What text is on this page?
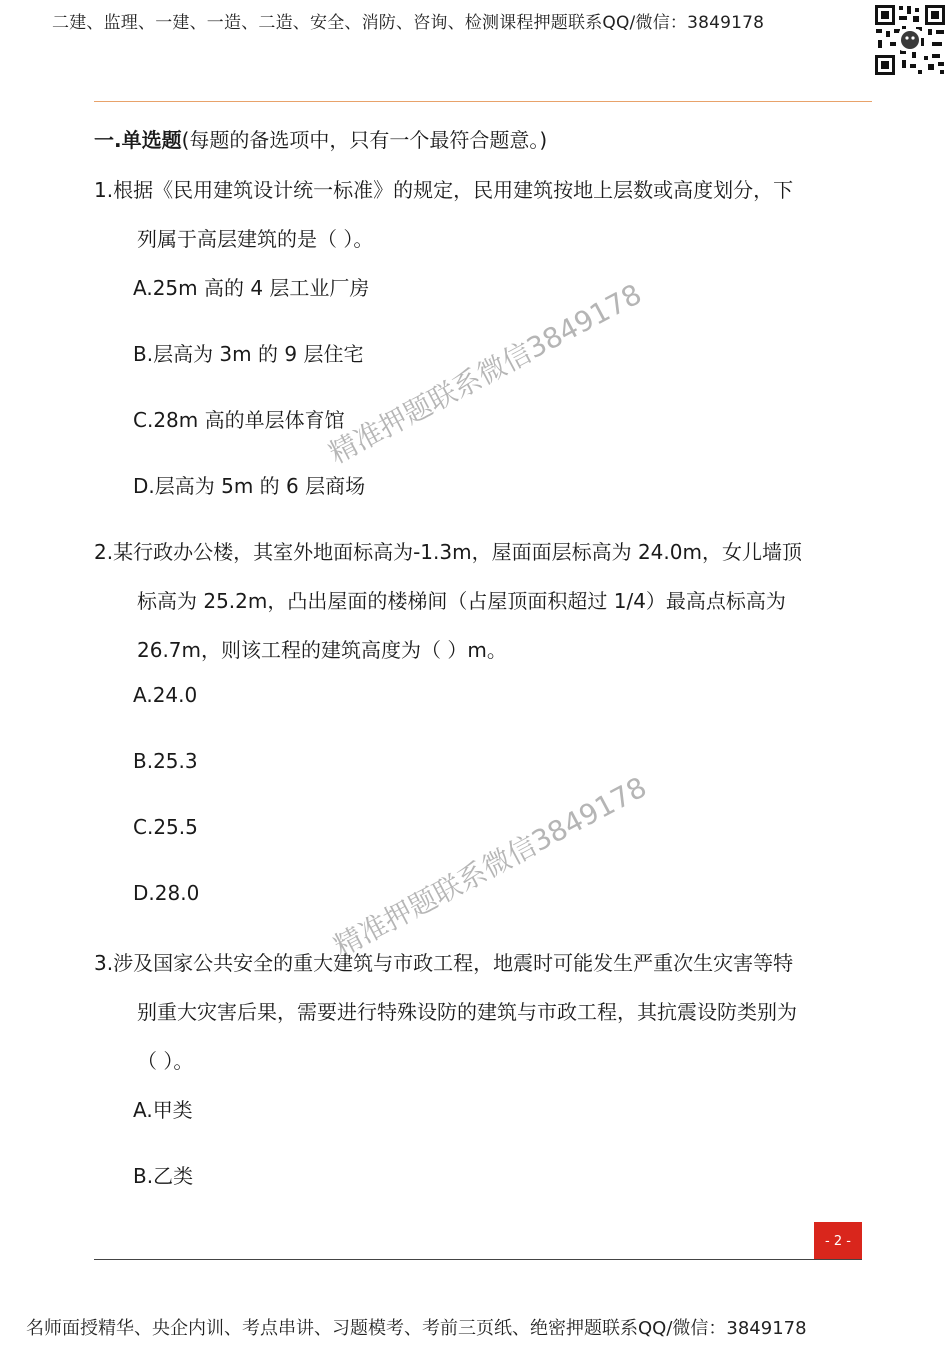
二建、监理、一建、一造、二造、安全、消防、咨询、检测课程押题联系QQ/微信：3849178
一.单选题(每题的备选项中，只有一个最符合题意。)
1.根据《民用建筑设计统一标准》的规定，民用建筑按地上层数或高度划分，下
列属于高层建筑的是（ ）。
A.25m 高的 4 层工业厂房
B.层高为 3m 的 9 层住宅
C.28m 高的单层体育馆
D.层高为 5m 的 6 层商场
2.某行政办公楼，其室外地面标高为-1.3m，屋面面层标高为 24.0m，女儿墙顶
标高为 25.2m，凸出屋面的楼梯间（占屋顶面积超过 1/4）最高点标高为
26.7m，则该工程的建筑高度为（ ）m。
A.24.0
B.25.3
C.25.5
D.28.0
3.涉及国家公共安全的重大建筑与市政工程，地震时可能发生严重次生灾害等特
别重大灾害后果，需要进行特殊设防的建筑与市政工程，其抗震设防类别为
（ ）。
A.甲类
B.乙类
精准押题联系微信3849178
精准押题联系微信3849178
- 2 -
名师面授精华、央企内训、考点串讲、习题模考、考前三页纸、绝密押题联系QQ/微信：3849178
